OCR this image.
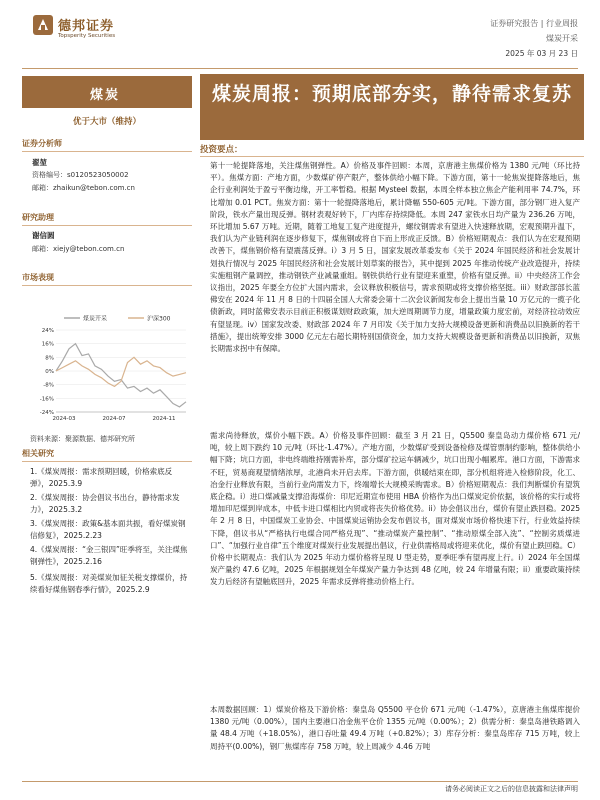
德邦证券
Topsperity Securities
证券研究报告 | 行业周报
煤炭开采
2025 年 03 月 23 日
煤炭
优于大市（维持）
证券分析师
翟堃
资格编号：s0120523050002
邮箱：zhaikun@tebon.com.cn
研究助理
谢信圆
邮箱：xiejy@tebon.com.cn
市场表现
煤炭开采	沪深300
24%
16%
8%
0%
-8%
-16%
-24%
2024-03	2024-07	2024-11
资料来源：聚源数据、德邦研究所
相关研究
1.《煤炭周报：需求预期回暖，价格索底反弹》，2025.3.9
2.《煤炭周报：协会倡议书出台，静待需求发力》，2025.3.2
3.《煤炭周报：政策&基本面共振，看好煤炭钢信修复》，2025.2.23
4.《煤炭周报：“金三银四”旺季将至，关注煤焦钢弹性》，2025.2.16
5.《煤炭周报：对美煤炭加征关税支撑煤价，持续看好煤焦钢春季行情》，2025.2.9
煤炭周报：预期底部夯实，静待需求复苏
投资要点：
第十一轮提降落地，关注煤焦钢弹性。A）价格及事件回顾：本周，京唐港主焦煤价格为 1380 元/吨（环比持平）。焦煤方面：产地方面，少数煤矿停产限产，整体供给小幅下降。下游方面，第十一轮焦炭提降落地后，焦企行业利润处于盈亏平衡边缘，开工率暂稳。根据 Mysteel 数据，本周全样本独立焦企产能利用率 74.7%，环比增加 0.01 PCT。焦炭方面：第十一轮提降落地后，累计降幅 550-605 元/吨。下游方面，部分钢厂进入复产阶段，铁水产量出现反弹。钢材表观好转下，厂内库存持续降低。本周 247 家铁水日均产量为 236.26 万吨，环比增加 5.67 万吨。近期，随着工地复工复产进度提升，螺纹钢需求有望进入快速释放期，宏观预期升温下，我们认为产业链利润在逐步修复下，煤焦钢或将自下而上形成正反馈。B）价格短期观点：我们认为在宏观预期改善下，煤焦钢价格有望震荡反弹。i）3 月 5 日，国家发展改革委发布《关于 2024 年国民经济和社会发展计划执行情况与 2025 年国民经济和社会发展计划草案的报告》，其中提到 2025 年推动传统产业改造提升，持续实施粗钢产量调控，推动钢铁产业减量重组。钢铁供给行业有望迎来重塑，价格有望反弹。ii）中央经济工作会议指出，2025 年要全方位扩大国内需求，会议释放积极信号，需求预期或将支撑价格坚挺。iii）财政部部长蓝佛安在 2024 年 11 月 8 日的十四届全国人大常委会第十二次会议新闻发布会上提出当量 10 万亿元的一揽子化债新政，同时蓝佛安表示目前正积极谋划财政政策，加大逆周期调节力度，增量政策力度宏前，对经济拉动效应有望显现。iv）国家发改委、财政部 2024 年 7 月印发《关于加力支持大规模设备更新和消费品以旧换新的若干措施》，提出统筹安排 3000 亿元左右超长期特别国债资金，加力支持大规模设备更新和消费品以旧换新，双焦长期需求拐中有保障。
需求尚待释放，煤价小幅下跌。A）价格及事件回顾：截至 3 月 21 日，Q5500 秦皇岛动力煤价格 671 元/吨，较上周下跌约 10 元/吨（环比-1.47%）。产地方面，少数煤矿受到设备检修及煤管票制约影响，整体供给小幅下降；坑口方面，非电终端维持刚需补库，部分煤矿拉运车辆减少，坑口出现小幅累库。港口方面，下游需求不旺，贸易商观望情绪浓厚，北港尚未开启去库。下游方面，供暖结束在即，部分机组将进入检修阶段，化工、冶金行业释放有限，当前行业尚需发力下，终端增长大规模采购需求。B）价格短期观点：我们判断煤价有望筑底企稳。i）进口煤减量支撑沿海煤价：印尼近期宣布使用 HBA 价格作为出口煤炭定价依据，该价格的实行或将增加印尼煤到岸成本，中低卡进口煤相比内贸或将丧失价格优势。ii）协会倡议出台，煤价有望止跌回稳。2025 年 2 月 8 日，中国煤炭工业协会、中国煤炭运销协会发布倡议书，面对煤炭市场价格快速下行，行业效益持续下降，倡议书从“严格执行电煤合同严格兑现”、“推动煤炭产量控制”、“推动原煤全部入洗”、“控制劣质煤进口”、“加强行业自律”五个维度对煤炭行业发展提出倡议，行业供需格局或将迎来优化，煤价有望止跌回稳。C）价格中长期观点：我们认为 2025 年动力煤价格将呈现 U 型走势，夏季旺季有望再度上行。i）2024 年全国煤炭产量约 47.6 亿吨，2025 年根据规划全年煤炭产量力争达到 48 亿吨，较 24 年增量有限；ii）重要政策持续发力后经济有望触底回升，2025 年需求反弹将推动价格上行。
本周数据回顾：1）煤炭价格及下游价格：秦皇岛 Q5500 平仓价 671 元/吨（-1.47%），京唐港主焦煤库提价 1380 元/吨（0.00%），国内主要港口冶金焦平仓价 1355 元/吨（0.00%）；2）供需分析：秦皇岛港铁路调入量 48.4 万吨（+18.05%），港口吞吐量 49.4 万吨（+0.82%）；3）库存分析：秦皇岛库存 715 万吨，较上周持平(0.00%)，钢厂焦煤库存 758 万吨，较上周减少 4.46 万吨
请务必阅读正文之后的信息披露和法律声明
